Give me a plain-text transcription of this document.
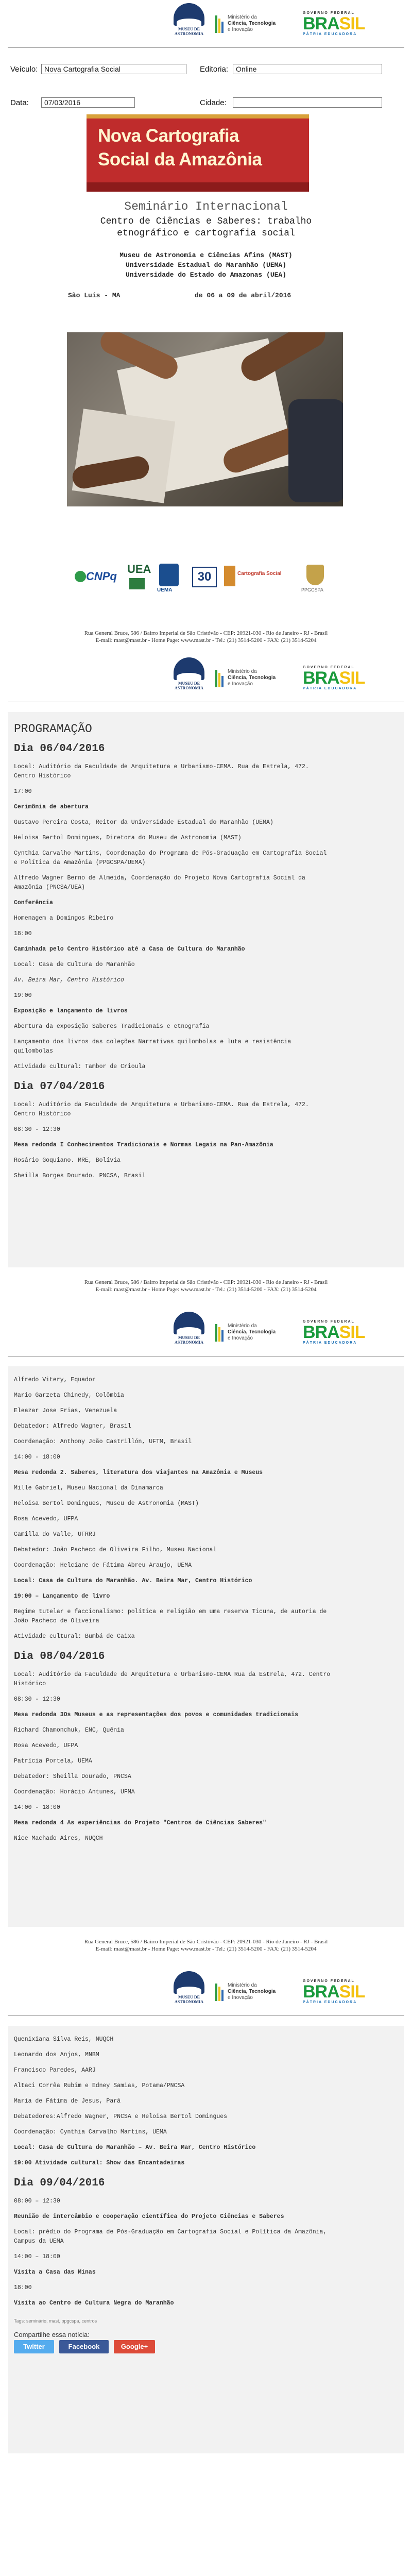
MUSEU DE
ASTRONOMIA
Ministério da
Ciência, Tecnologia
e Inovação
GOVERNO FEDERAL
BRASIL
PÁTRIA EDUCADORA
Veículo: Nova Cartografia Social	Editoria:	Online
Data:	07/03/2016	Cidade:
Nova Cartografia
Social da Amazônia
Seminário Internacional
Centro de Ciências e Saberes: trabalho
etnográfico e cartografia social
Museu de Astronomia e Ciências Afins (MAST)
Universidade Estadual do Maranhão (UEMA)
Universidade do Estado do Amazonas (UEA)
São Luís - MA	de 06 a 09 de abril/2016
CNPq
UEA
UEMA
30	Cartografia Social
PPGCSPA
Rua General Bruce, 586 / Bairro Imperial de São Cristóvão - CEP: 20921-030 - Rio de Janeiro - RJ - Brasil
E-mail: mast@mast.br - Home Page: www.mast.br - Tel.: (21) 3514-5200 - FAX: (21) 3514-5204
MUSEU DE
ASTRONOMIA
Ministério da
Ciência, Tecnologia
e Inovação
GOVERNO FEDERAL
BRASIL
PÁTRIA EDUCADORA
PROGRAMAÇÃO
Dia 06/04/2016
Local: Auditório da Faculdade de Arquitetura e Urbanismo-CEMA. Rua da Estrela, 472.
Centro Histórico
17:00
Cerimônia de abertura
Gustavo Pereira Costa, Reitor da Universidade Estadual do Maranhão (UEMA)
Heloisa Bertol Domingues, Diretora do Museu de Astronomia (MAST)
Cynthia Carvalho Martins, Coordenação do Programa de Pós-Graduação em Cartografia Social
e Política da Amazônia (PPGCSPA/UEMA)
Alfredo Wagner Berno de Almeida, Coordenação do Projeto Nova Cartografia Social da
Amazônia (PNCSA/UEA)
Conferência
Homenagem a Domingos Ribeiro
18:00
Caminhada pelo Centro Histórico até a Casa de Cultura do Maranhão
Local: Casa de Cultura do Maranhão
Av. Beira Mar, Centro Histórico
19:00
Exposição e lançamento de livros
Abertura da exposição Saberes Tradicionais e etnografia
Lançamento dos livros das coleções Narrativas quilombolas e luta e resistência
quilombolas
Atividade cultural: Tambor de Crioula
Dia 07/04/2016
Local: Auditório da Faculdade de Arquitetura e Urbanismo-CEMA. Rua da Estrela, 472.
Centro Histórico
08:30 - 12:30
Mesa redonda I Conhecimentos Tradicionais e Normas Legais na Pan-Amazônia
Rosário Goquiano. MRE, Bolívia
Sheilla Borges Dourado. PNCSA, Brasil
Rua General Bruce, 586 / Bairro Imperial de São Cristóvão - CEP: 20921-030 - Rio de Janeiro - RJ - Brasil
E-mail: mast@mast.br - Home Page: www.mast.br - Tel.: (21) 3514-5200 - FAX: (21) 3514-5204
MUSEU DE
ASTRONOMIA
Ministério da
Ciência, Tecnologia
e Inovação
GOVERNO FEDERAL
BRASIL
PÁTRIA EDUCADORA
Alfredo Vitery, Equador
Mario Garzeta Chinedy, Colômbia
Eleazar Jose Frias, Venezuela
Debatedor: Alfredo Wagner, Brasil
Coordenação: Anthony João Castrillón, UFTM, Brasil
14:00 - 18:00
Mesa redonda 2. Saberes, literatura dos viajantes na Amazônia e Museus
Mille Gabriel, Museu Nacional da Dinamarca
Heloisa Bertol Domingues, Museu de Astronomia (MAST)
Rosa Acevedo, UFPA
Camilla do Valle, UFRRJ
Debatedor: João Pacheco de Oliveira Filho, Museu Nacional
Coordenação: Helciane de Fátima Abreu Araujo, UEMA
Local: Casa de Cultura do Maranhão. Av. Beira Mar, Centro Histórico
19:00 – Lançamento de livro
Regime tutelar e faccionalismo: política e religião em uma reserva Ticuna, de autoria de
João Pacheco de Oliveira
Atividade cultural: Bumbá de Caixa
Dia 08/04/2016
Local: Auditório da Faculdade de Arquitetura e Urbanismo-CEMA Rua da Estrela, 472. Centro
Histórico
08:30 - 12:30
Mesa redonda 3Os Museus e as representações dos povos e comunidades tradicionais
Richard Chamonchuk, ENC, Quênia
Rosa Acevedo, UFPA
Patrícia Portela, UEMA
Debatedor: Sheilla Dourado, PNCSA
Coordenação: Horácio Antunes, UFMA
14:00 - 18:00
Mesa redonda 4 As experiências do Projeto "Centros de Ciências Saberes"
Nice Machado Aires, NUQCH
Rua General Bruce, 586 / Bairro Imperial de São Cristóvão - CEP: 20921-030 - Rio de Janeiro - RJ - Brasil
E-mail: mast@mast.br - Home Page: www.mast.br - Tel.: (21) 3514-5200 - FAX: (21) 3514-5204
MUSEU DE
ASTRONOMIA
Ministério da
Ciência, Tecnologia
e Inovação
GOVERNO FEDERAL
BRASIL
PÁTRIA EDUCADORA
Quenixiana Silva Reis, NUQCH
Leonardo dos Anjos, MNBM
Francisco Paredes, AARJ
Altaci Corrêa Rubim e Edney Samias, Potama/PNCSA
Maria de Fátima de Jesus, Pará
Debatedores:Alfredo Wagner, PNCSA e Heloisa Bertol Domingues
Coordenação: Cynthia Carvalho Martins, UEMA
Local: Casa de Cultura do Maranhão – Av. Beira Mar, Centro Histórico
19:00 Atividade cultural: Show das Encantadeiras
Dia 09/04/2016
08:00 – 12:30
Reunião de intercâmbio e cooperação científica do Projeto Ciências e Saberes
Local: prédio do Programa de Pós-Graduação em Cartografia Social e Política da Amazônia,
Campus da UEMA
14:00 – 18:00
Visita a Casa das Minas
18:00
Visita ao Centro de Cultura Negra do Maranhão
Tags: seminário, mast, ppgcspa, centros
Compartilhe essa notícia:
Twitter	Facebook	Google+
